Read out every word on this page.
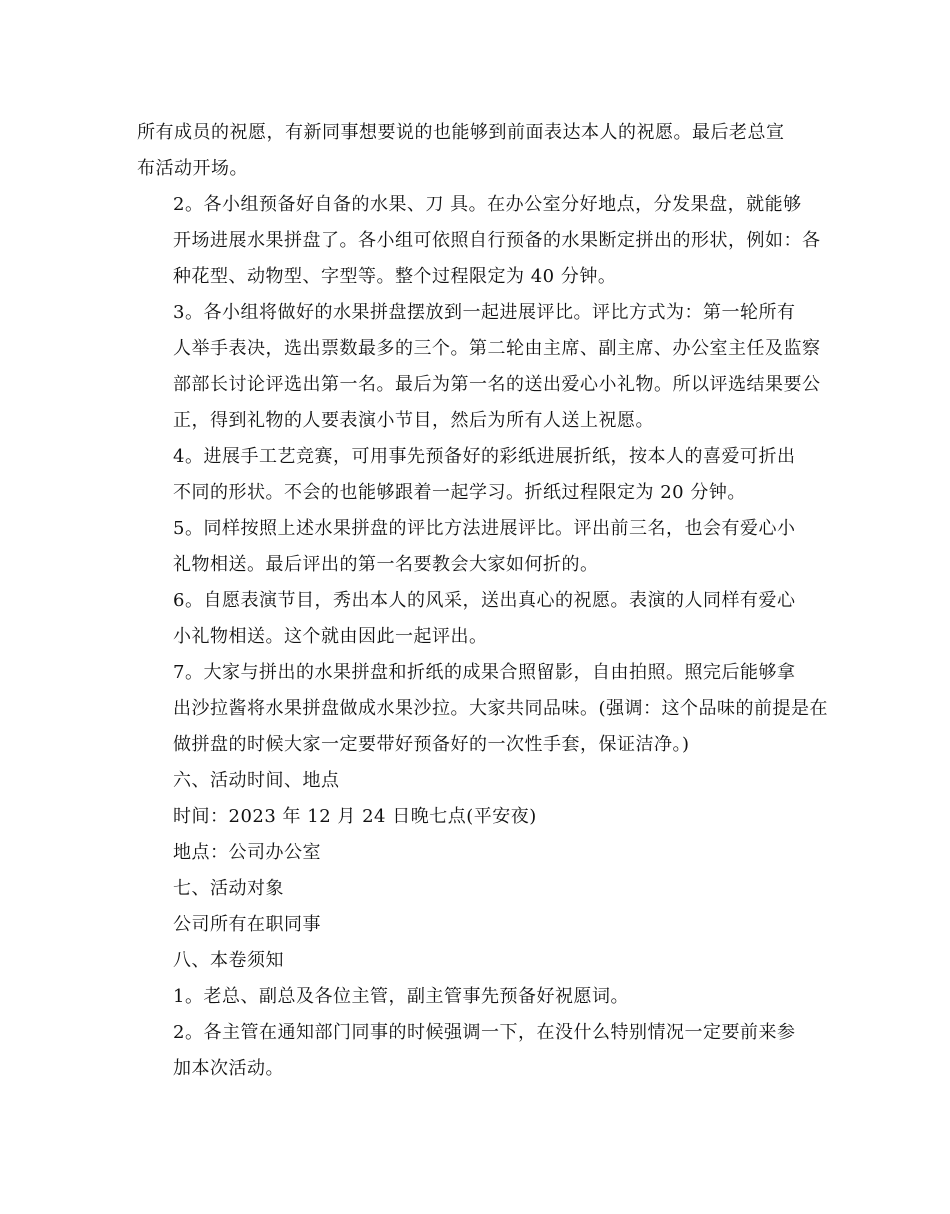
所有成员的祝愿，有新同事想要说的也能够到前面表达本人的祝愿。最后老总宣
布活动开场。

2。各小组预备好自备的水果、刀 具。在办公室分好地点，分发果盘，就能够
开场进展水果拼盘了。各小组可依照自行预备的水果断定拼出的形状，例如：各
种花型、动物型、字型等。整个过程限定为 40 分钟。

3。各小组将做好的水果拼盘摆放到一起进展评比。评比方式为：第一轮所有
人举手表决，选出票数最多的三个。第二轮由主席、副主席、办公室主任及监察
部部长讨论评选出第一名。最后为第一名的送出爱心小礼物。所以评选结果要公
正，得到礼物的人要表演小节目，然后为所有人送上祝愿。

4。进展手工艺竞赛，可用事先预备好的彩纸进展折纸，按本人的喜爱可折出
不同的形状。不会的也能够跟着一起学习。折纸过程限定为 20 分钟。

5。同样按照上述水果拼盘的评比方法进展评比。评出前三名，也会有爱心小
礼物相送。最后评出的第一名要教会大家如何折的。

6。自愿表演节目，秀出本人的风采，送出真心的祝愿。表演的人同样有爱心
小礼物相送。这个就由因此一起评出。

7。大家与拼出的水果拼盘和折纸的成果合照留影，自由拍照。照完后能够拿
出沙拉酱将水果拼盘做成水果沙拉。大家共同品味。(强调：这个品味的前提是在
做拼盘的时候大家一定要带好预备好的一次性手套，保证洁净。)

六、活动时间、地点

时间：2023 年 12 月 24 日晚七点(平安夜)

地点：公司办公室

七、活动对象

公司所有在职同事

八、本卷须知

1。老总、副总及各位主管，副主管事先预备好祝愿词。

2。各主管在通知部门同事的时候强调一下，在没什么特别情况一定要前来参
加本次活动。
